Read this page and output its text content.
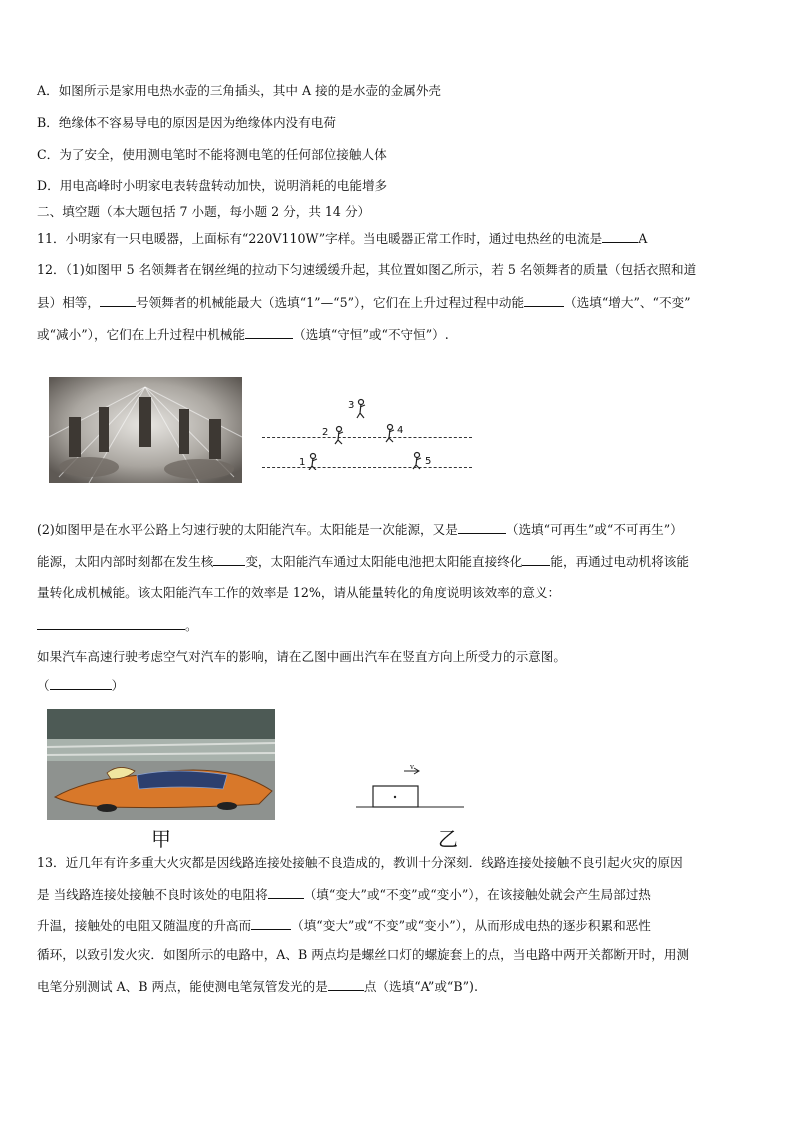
A．如图所示是家用电热水壶的三角插头，其中 A 接的是水壶的金属外壳
B．绝缘体不容易导电的原因是因为绝缘体内没有电荷
C．为了安全，使用测电笔时不能将测电笔的任何部位接触人体
D．用电高峰时小明家电表转盘转动加快，说明消耗的电能增多
二、填空题（本大题包括 7 小题，每小题 2 分，共 14 分）
11．小明家有一只电暖器，上面标有“220V110W”字样。当电暖器正常工作时，通过电热丝的电流是	A
12．（1)如图甲 5 名领舞者在钢丝绳的拉动下匀速缓缓升起，其位置如图乙所示，若 5 名领舞者的质量（包括衣照和道
县）相等，	号领舞者的机械能最大（选填“1”—“5”），它们在上升过程过程中动能	（选填“增大”、“不变”
或“减小”），它们在上升过程中机械能	（选填“守恒”或“不守恒”）.
3
2	4
1	5
(2)如图甲是在水平公路上匀速行驶的太阳能汽车。太阳能是一次能源，又是	（选填“可再生”或“不可再生”）
能源，太阳内部时刻都在发生核	变，太阳能汽车通过太阳能电池把太阳能直接终化 能，再通过电动机将该能
量转化成机械能。该太阳能汽车工作的效率是 12%，请从能量转化的角度说明该效率的意义：
。
如果汽车高速行驶考虑空气对汽车的影响，请在乙图中画出汽车在竖直方向上所受力的示意图。
（	）
v
甲	乙
13．近几年有许多重大火灾都是因线路连接处接触不良造成的，教训十分深刻．线路连接处接触不良引起火灾的原因
是 当线路连接处接触不良时该处的电阻将	（填“变大”或“不变”或“变小”），在该接触处就会产生局部过热
升温，接触处的电阻又随温度的升高而	（填“变大”或“不变”或“变小”），从而形成电热的逐步积累和恶性
循环，以致引发火灾．如图所示的电路中，A、B 两点均是螺丝口灯的螺旋套上的点，当电路中两开关都断开时，用测
电笔分别测试 A、B 两点，能使测电笔氖管发光的是	点（选填“A”或“B”).
